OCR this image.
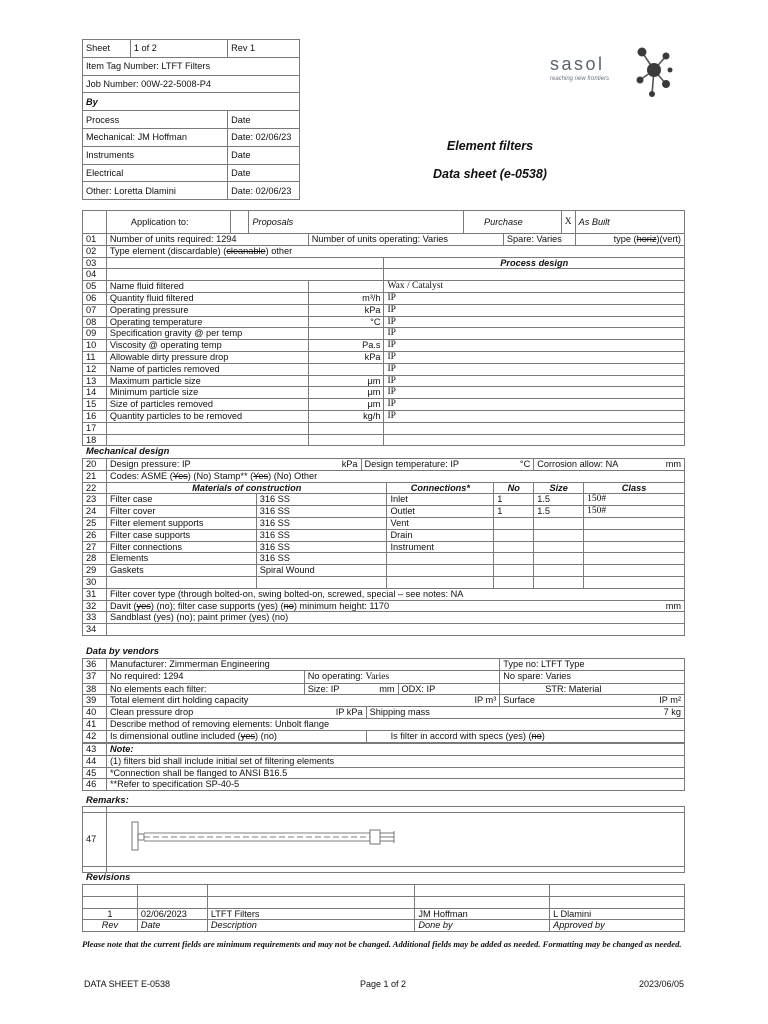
Sheet	1 of 2	Rev 1
Item Tag Number: LTFT Filters		
Job Number: 00W-22-5008-P4		
By		
Process		Date
Mechanical: JM Hoffman		Date: 02/06/23
Instruments		Date
Electrical		Date
Other: Loretta Dlamini		Date: 02/06/23
sasol
reaching new frontiers
Element filters
Data sheet (e-0538)
	Application to:		Proposals			Purchase		X	As Built
01	Number of units required: 1294			Number of units operating: Varies			Spare: Varies		type (horiz)(vert)
02	Type element (discardable) (cleanable) other								
03					Process design				
04									
05	Name fluid filtered				Wax / Catalyst				
06	Quantity fluid filtered			m³/h	IP				
07	Operating pressure			kPa	IP				
08	Operating temperature			°C	IP				
09	Specification gravity @ per temp				IP				
10	Viscosity @ operating temp			Pa.s	IP				
11	Allowable dirty pressure drop			kPa	IP				
12	Name of particles removed				IP				
13	Maximum particle size			μm	IP				
14	Minimum particle size			μm	IP				
15	Size of particles removed			μm	IP				
16	Quantity particles to be removed			kg/h	IP				
17									
18									
Mechanical design
20	Design pressure: IP kPa		Design temperature: IP °C			Corrosion allow: NA mm	

21	Codes: ASME (Yes) (No) Stamp** (Yes) (No) Other						
22	Materials of construction			Connections*	No	Size	Class
23	Filter case	316 SS		Inlet	1	1.5	150#
24	Filter cover	316 SS		Outlet	1	1.5	150#
25	Filter element supports	316 SS		Vent			
26	Filter case supports	316 SS		Drain			
27	Filter connections	316 SS		Instrument			
28	Elements	316 SS					
29	Gaskets	Spiral Wound					
30							
31	Filter cover type (through bolted-on, swing bolted-on, screwed, special – see notes: NA						
32	Davit (yes) (no); filter case supports (yes) (no) minimum height: 1170 mm						

33	Sandblast (yes) (no); paint primer (yes) (no)						
34							
Data by vendors
36	Manufacturer: Zimmerman Engineering				Type no: LTFT Type
37	No required: 1294	No operating: Varies			No spare: Varies
38	No elements each filter:	Size: IP mm		ODX: IP	STR: Material
39	Total element dirt holding capacity IP m³				Surface IP m²

40	Clean pressure drop IP kPa		Shipping mass 7 kg		

41	Describe method of removing elements: Unbolt flange				
42	Is dimensional outline included (yes) (no)		Is filter in accord with specs (yes) (no)		
43	Note:
44	(1) filters bid shall include initial set of filtering elements
45	*Connection shall be flanged to ANSI B16.5
46	**Refer to specification SP-40-5
Remarks:

47	

Revisions

1	02/06/2023	LTFT Filters	JM Hoffman	L Dlamini
Rev	Date	Description	Done by	Approved by
Please note that the current fields are minimum requirements and may not be changed. Additional fields may be added as needed. Formatting may be changed as needed.
DATA SHEET E-0538	Page 1 of 2	2023/06/05
